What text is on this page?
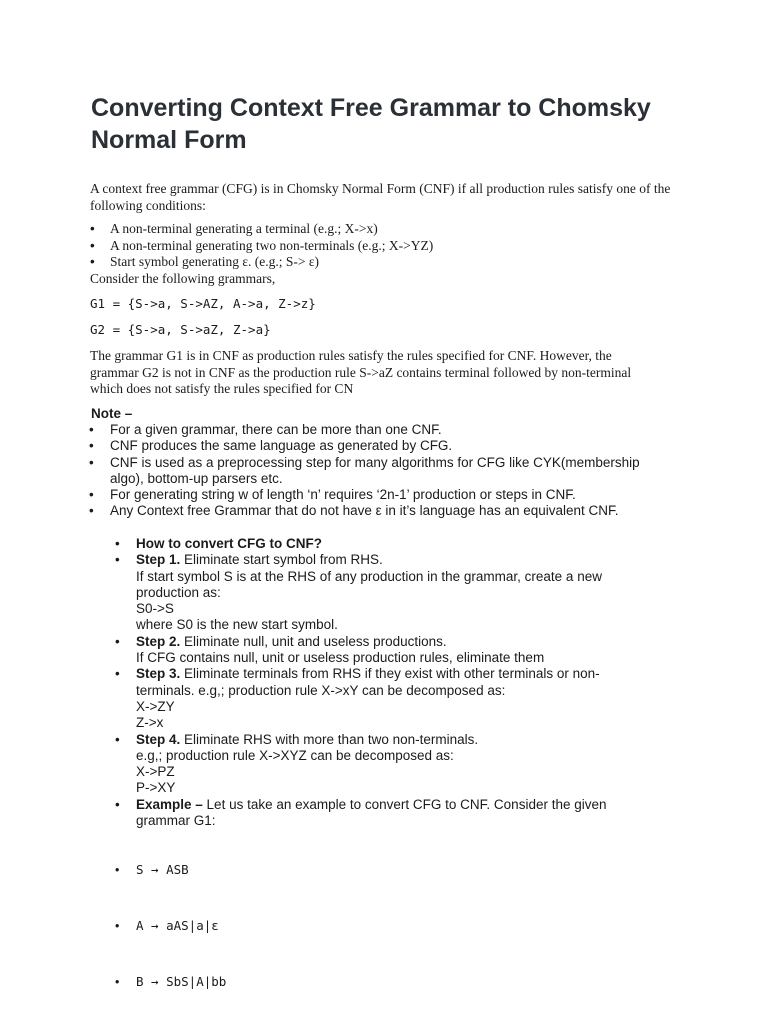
Converting Context Free Grammar to Chomsky Normal Form

A context free grammar (CFG) is in Chomsky Normal Form (CNF) if all production rules satisfy one of the following conditions:

• A non-terminal generating a terminal (e.g.; X->x)
• A non-terminal generating two non-terminals (e.g.; X->YZ)
• Start symbol generating ε. (e.g.; S-> ε)

Consider the following grammars,

G1 = {S->a, S->AZ, A->a, Z->z}

G2 = {S->a, S->aZ, Z->a}

The grammar G1 is in CNF as production rules satisfy the rules specified for CNF. However, the grammar G2 is not in CNF as the production rule S->aZ contains terminal followed by non-terminal which does not satisfy the rules specified for CN

Note –

• For a given grammar, there can be more than one CNF.
• CNF produces the same language as generated by CFG.
• CNF is used as a preprocessing step for many algorithms for CFG like CYK(membership algo), bottom-up parsers etc.
• For generating string w of length ‘n’ requires ‘2n-1’ production or steps in CNF.
• Any Context free Grammar that do not have ε in it’s language has an equivalent CNF.
• How to convert CFG to CNF?
• Step 1. Eliminate start symbol from RHS.
If start symbol S is at the RHS of any production in the grammar, create a new production as:
S0->S
where S0 is the new start symbol.
• Step 2. Eliminate null, unit and useless productions.
If CFG contains null, unit or useless production rules, eliminate them
• Step 3. Eliminate terminals from RHS if they exist with other terminals or non-terminals. e.g,; production rule X->xY can be decomposed as:
X->ZY
Z->x
• Step 4. Eliminate RHS with more than two non-terminals.
e.g,; production rule X->XYZ can be decomposed as:
X->PZ
P->XY
• Example – Let us take an example to convert CFG to CNF. Consider the given grammar G1:

• S → ASB

• A → aAS|a|ε

• B → SbS|A|bb
